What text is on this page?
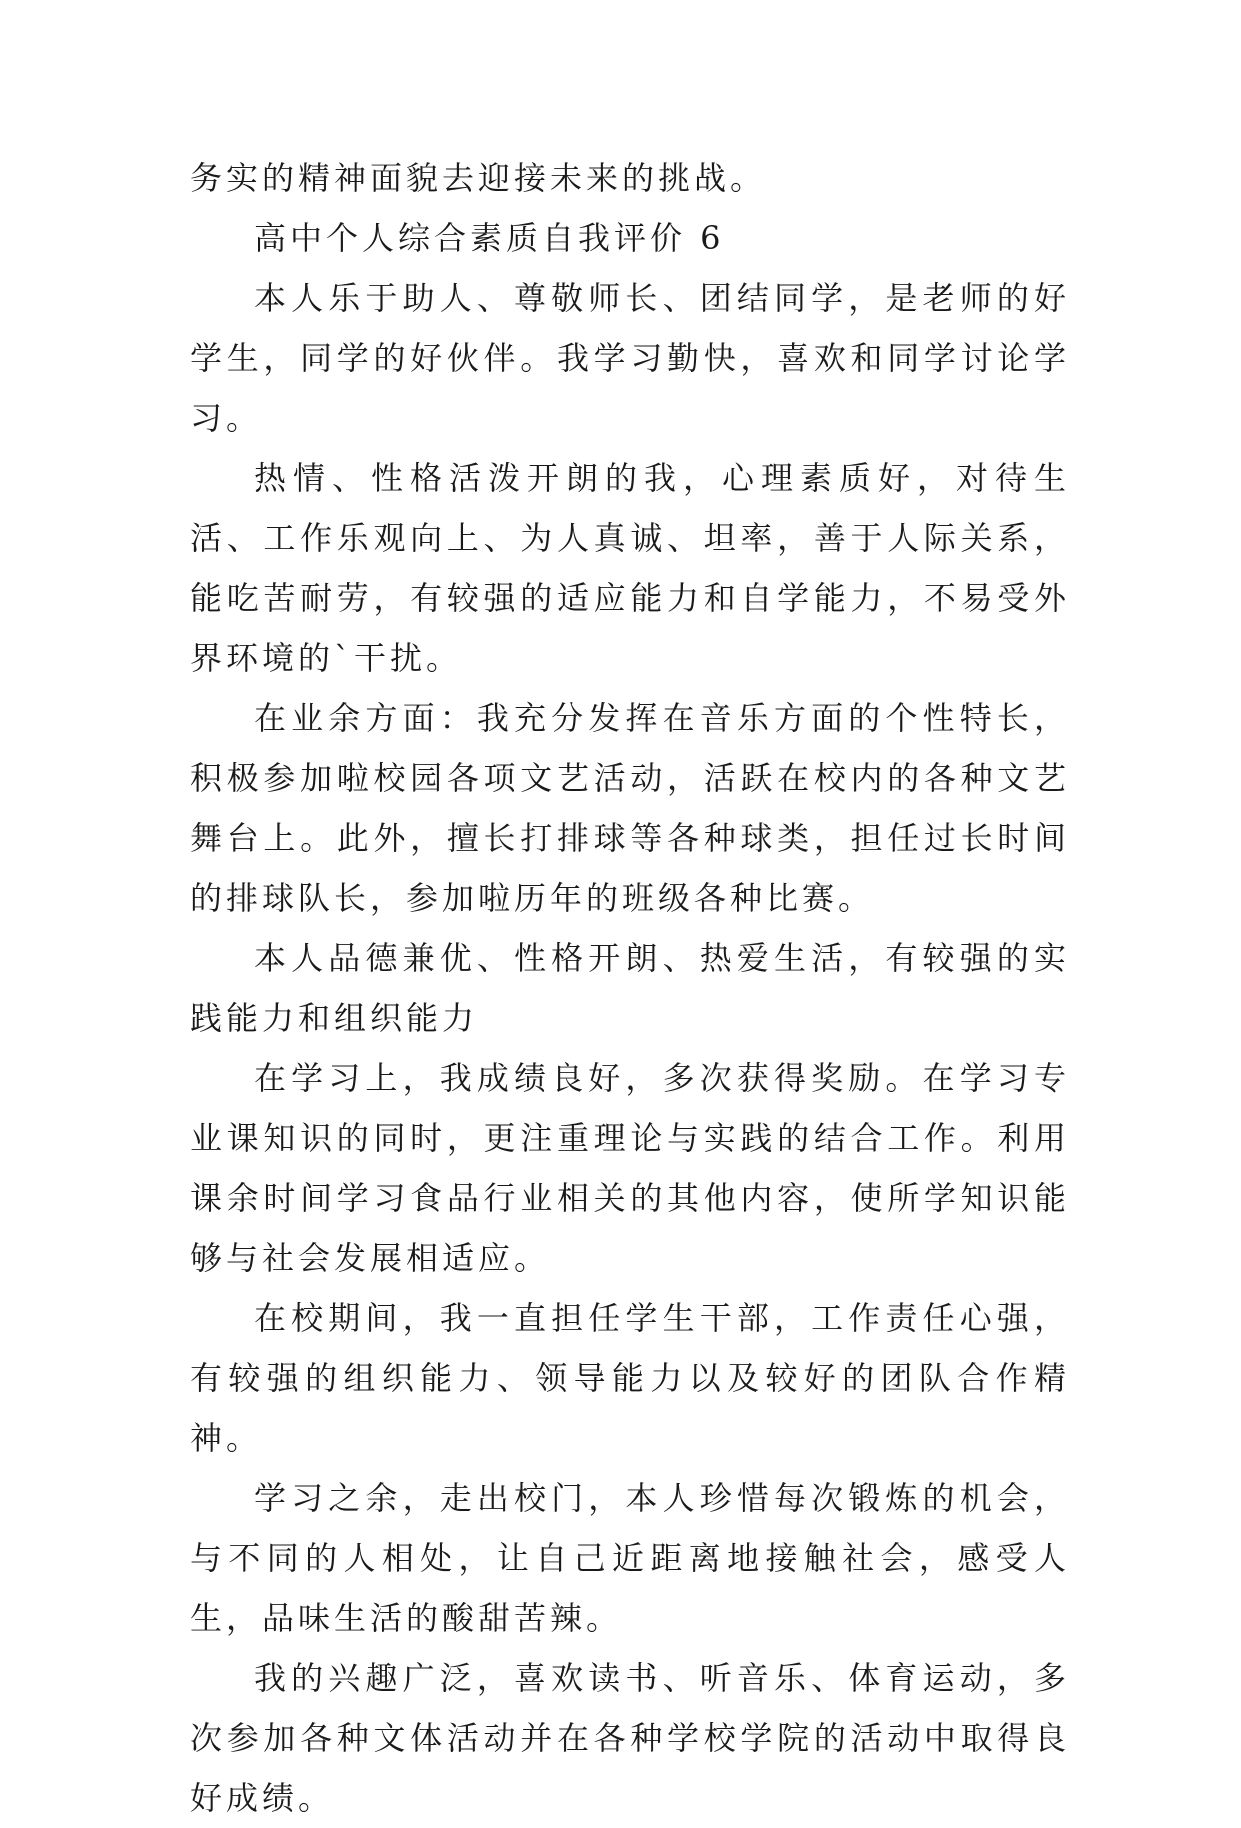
务实的精神面貌去迎接未来的挑战。

高中个人综合素质自我评价 6

本人乐于助人、尊敬师长、团结同学，是老师的好学生，同学的好伙伴。我学习勤快，喜欢和同学讨论学习。

热情、性格活泼开朗的我，心理素质好，对待生活、工作乐观向上、为人真诚、坦率，善于人际关系，能吃苦耐劳，有较强的适应能力和自学能力，不易受外界环境的`干扰。

在业余方面：我充分发挥在音乐方面的个性特长，积极参加啦校园各项文艺活动，活跃在校内的各种文艺舞台上。此外，擅长打排球等各种球类，担任过长时间的排球队长，参加啦历年的班级各种比赛。

本人品德兼优、性格开朗、热爱生活，有较强的实践能力和组织能力

在学习上，我成绩良好，多次获得奖励。在学习专业课知识的同时，更注重理论与实践的结合工作。利用课余时间学习食品行业相关的其他内容，使所学知识能够与社会发展相适应。

在校期间，我一直担任学生干部，工作责任心强，有较强的组织能力、领导能力以及较好的团队合作精神。

学习之余，走出校门，本人珍惜每次锻炼的机会，与不同的人相处，让自己近距离地接触社会，感受人生，品味生活的酸甜苦辣。

我的兴趣广泛，喜欢读书、听音乐、体育运动，多次参加各种文体活动并在各种学校学院的活动中取得良好成绩。
